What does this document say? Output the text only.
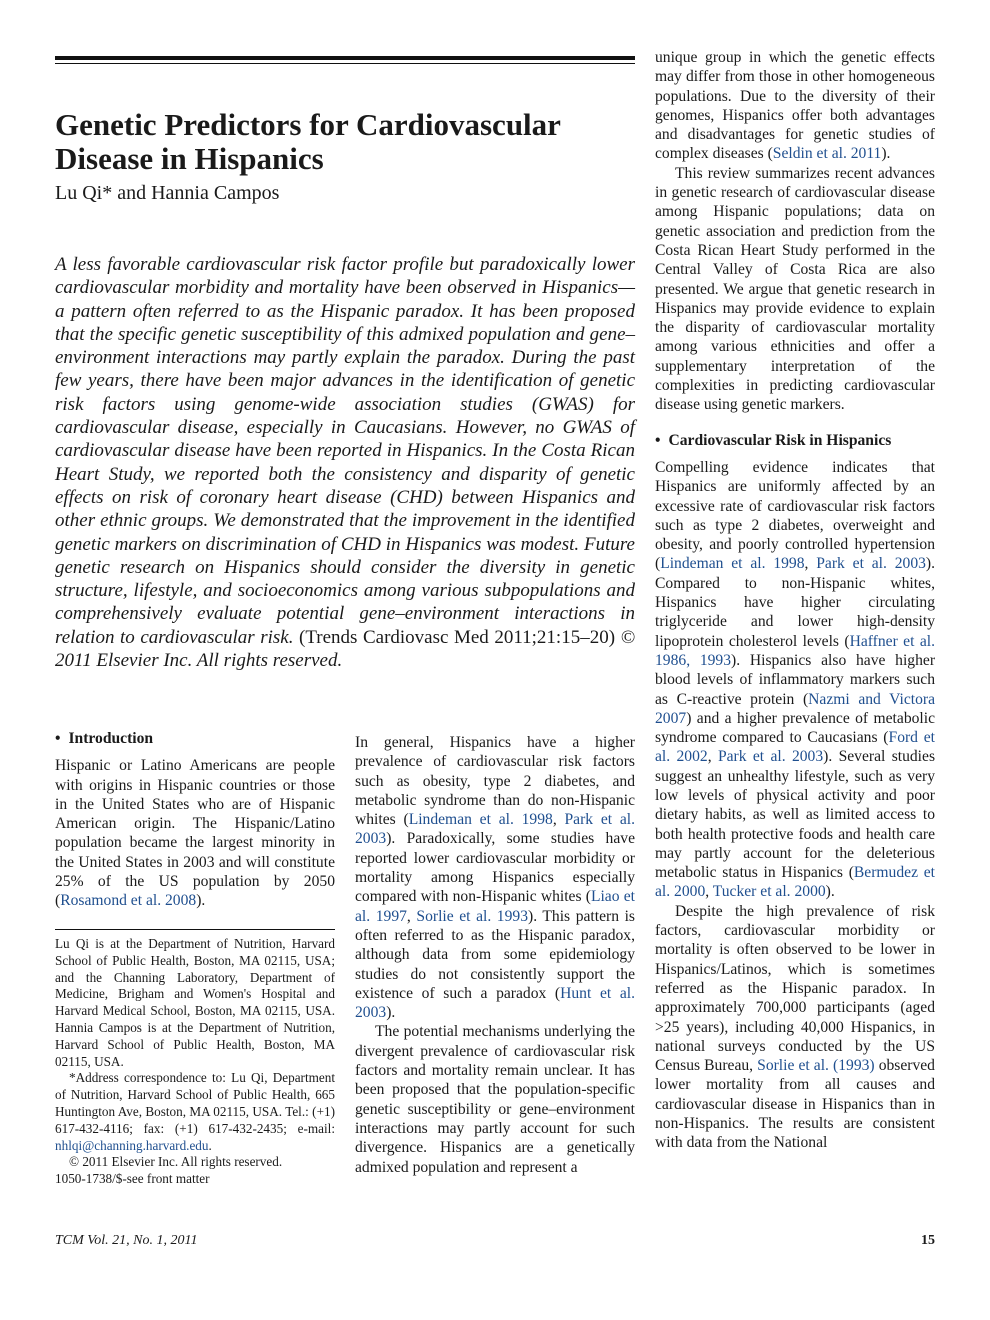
Genetic Predictors for Cardiovascular Disease in Hispanics

Lu Qi* and Hannia Campos

A less favorable cardiovascular risk factor profile but paradoxically lower cardiovascular morbidity and mortality have been observed in Hispanics—a pattern often referred to as the Hispanic paradox. It has been proposed that the specific genetic susceptibility of this admixed population and gene–environment interactions may partly explain the paradox. During the past few years, there have been major advances in the identification of genetic risk factors using genome-wide association studies (GWAS) for cardiovascular disease, especially in Caucasians. However, no GWAS of cardiovascular disease have been reported in Hispanics. In the Costa Rican Heart Study, we reported both the consistency and disparity of genetic effects on risk of coronary heart disease (CHD) between Hispanics and other ethnic groups. We demonstrated that the improvement in the identified genetic markers on discrimination of CHD in Hispanics was modest. Future genetic research on Hispanics should consider the diversity in genetic structure, lifestyle, and socioeconomics among various subpopulations and comprehensively evaluate potential gene–environment interactions in relation to cardiovascular risk. (Trends Cardiovasc Med 2011;21:15–20) © 2011 Elsevier Inc. All rights reserved.

• Introduction

Hispanic or Latino Americans are people with origins in Hispanic countries or those in the United States who are of Hispanic American origin. The Hispanic/Latino population became the largest minority in the United States in 2003 and will constitute 25% of the US population by 2050 (Rosamond et al. 2008).

Lu Qi is at the Department of Nutrition, Harvard School of Public Health, Boston, MA 02115, USA; and the Channing Laboratory, Department of Medicine, Brigham and Women's Hospital and Harvard Medical School, Boston, MA 02115, USA. Hannia Campos is at the Department of Nutrition, Harvard School of Public Health, Boston, MA 02115, USA.

*Address correspondence to: Lu Qi, Department of Nutrition, Harvard School of Public Health, 665 Huntington Ave, Boston, MA 02115, USA. Tel.: (+1) 617-432-4116; fax: (+1) 617-432-2435; e-mail: nhlqi@channing.harvard.edu.

© 2011 Elsevier Inc. All rights reserved.

1050-1738/$-see front matter

In general, Hispanics have a higher prevalence of cardiovascular risk factors such as obesity, type 2 diabetes, and metabolic syndrome than do non-Hispanic whites (Lindeman et al. 1998, Park et al. 2003). Paradoxically, some studies have reported lower cardiovascular morbidity or mortality among Hispanics especially compared with non-Hispanic whites (Liao et al. 1997, Sorlie et al. 1993). This pattern is often referred to as the Hispanic paradox, although data from some epidemiology studies do not consistently support the existence of such a paradox (Hunt et al. 2003).

The potential mechanisms underlying the divergent prevalence of cardiovascular risk factors and mortality remain unclear. It has been proposed that the population-specific genetic susceptibility or gene–environment interactions may partly account for such divergence. Hispanics are a genetically admixed population and represent a

unique group in which the genetic effects may differ from those in other homogeneous populations. Due to the diversity of their genomes, Hispanics offer both advantages and disadvantages for genetic studies of complex diseases (Seldin et al. 2011).

This review summarizes recent advances in genetic research of cardiovascular disease among Hispanic populations; data on genetic association and prediction from the Costa Rican Heart Study performed in the Central Valley of Costa Rica are also presented. We argue that genetic research in Hispanics may provide evidence to explain the disparity of cardiovascular mortality among various ethnicities and offer a supplementary interpretation of the complexities in predicting cardiovascular disease using genetic markers.

• Cardiovascular Risk in Hispanics

Compelling evidence indicates that Hispanics are uniformly affected by an excessive rate of cardiovascular risk factors such as type 2 diabetes, overweight and obesity, and poorly controlled hypertension (Lindeman et al. 1998, Park et al. 2003). Compared to non-Hispanic whites, Hispanics have higher circulating triglyceride and lower high-density lipoprotein cholesterol levels (Haffner et al. 1986, 1993). Hispanics also have higher blood levels of inflammatory markers such as C-reactive protein (Nazmi and Victora 2007) and a higher prevalence of metabolic syndrome compared to Caucasians (Ford et al. 2002, Park et al. 2003). Several studies suggest an unhealthy lifestyle, such as very low levels of physical activity and poor dietary habits, as well as limited access to both health protective foods and health care may partly account for the deleterious metabolic status in Hispanics (Bermudez et al. 2000, Tucker et al. 2000).

Despite the high prevalence of risk factors, cardiovascular morbidity or mortality is often observed to be lower in Hispanics/Latinos, which is sometimes referred as the Hispanic paradox. In approximately 700,000 participants (aged >25 years), including 40,000 Hispanics, in national surveys conducted by the US Census Bureau, Sorlie et al. (1993) observed lower mortality from all causes and cardiovascular disease in Hispanics than in non-Hispanics. The results are consistent with data from the National

TCM Vol. 21, No. 1, 2011	15
